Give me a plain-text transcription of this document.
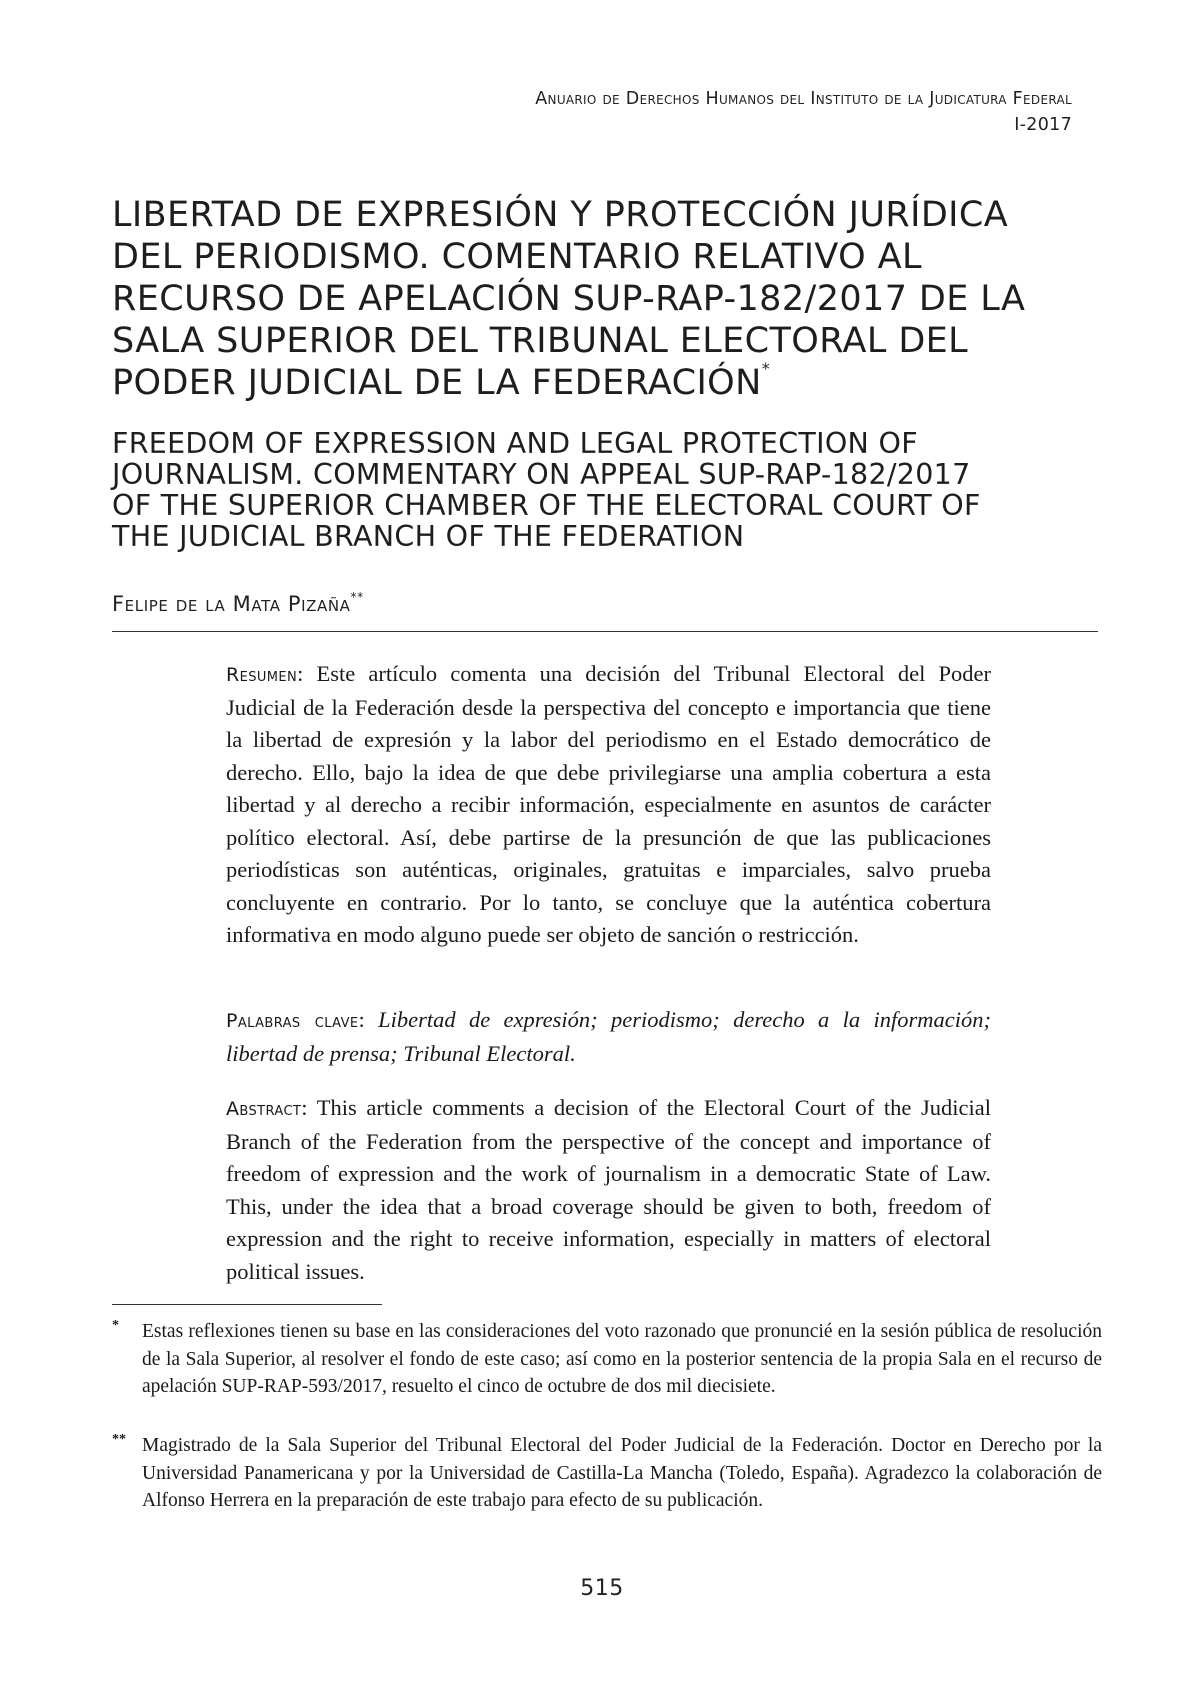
Anuario de Derechos Humanos del Instituto de la Judicatura Federal
I-2017
LIBERTAD DE EXPRESIÓN Y PROTECCIÓN JURÍDICA
DEL PERIODISMO. COMENTARIO RELATIVO AL
RECURSO DE APELACIÓN SUP-RAP-182/2017 DE LA
SALA SUPERIOR DEL TRIBUNAL ELECTORAL DEL
PODER JUDICIAL DE LA FEDERACIÓN*
FREEDOM OF EXPRESSION AND LEGAL PROTECTION OF
JOURNALISM. COMMENTARY ON APPEAL SUP-RAP-182/2017
OF THE SUPERIOR CHAMBER OF THE ELECTORAL COURT OF
THE JUDICIAL BRANCH OF THE FEDERATION
Felipe de la Mata Pizaña**

Resumen: Este artículo comenta una decisión del Tribunal Electoral del Poder Judicial de la Federación desde la perspectiva del concepto e importancia que tiene la libertad de expresión y la labor del periodismo en el Estado democrático de derecho. Ello, bajo la idea de que debe privilegiarse una amplia cobertura a esta libertad y al derecho a recibir información, especialmente en asuntos de carácter político electoral. Así, debe partirse de la presunción de que las publicaciones periodísticas son auténticas, originales, gratuitas e imparciales, salvo prueba concluyente en contrario. Por lo tanto, se concluye que la auténtica cobertura informativa en modo alguno puede ser objeto de sanción o restricción.

Palabras clave: Libertad de expresión; periodismo; derecho a la información; libertad de prensa; Tribunal Electoral.

Abstract: This article comments a decision of the Electoral Court of the Judicial Branch of the Federation from the perspective of the concept and importance of freedom of expression and the work of journalism in a democratic State of Law. This, under the idea that a broad coverage should be given to both, freedom of expression and the right to receive information, especially in matters of electoral political issues.

*	Estas reflexiones tienen su base en las consideraciones del voto razonado que pronuncié en la sesión pública de resolución de la Sala Superior, al resolver el fondo de este caso; así como en la posterior sentencia de la propia Sala en el recurso de apelación SUP-RAP-593/2017, resuelto el cinco de octubre de dos mil diecisiete.
** Magistrado de la Sala Superior del Tribunal Electoral del Poder Judicial de la Federación. Doctor en Derecho por la Universidad Panamericana y por la Universidad de Castilla-La Mancha (Toledo, España). Agradezco la colaboración de Alfonso Herrera en la preparación de este trabajo para efecto de su publicación.
515
